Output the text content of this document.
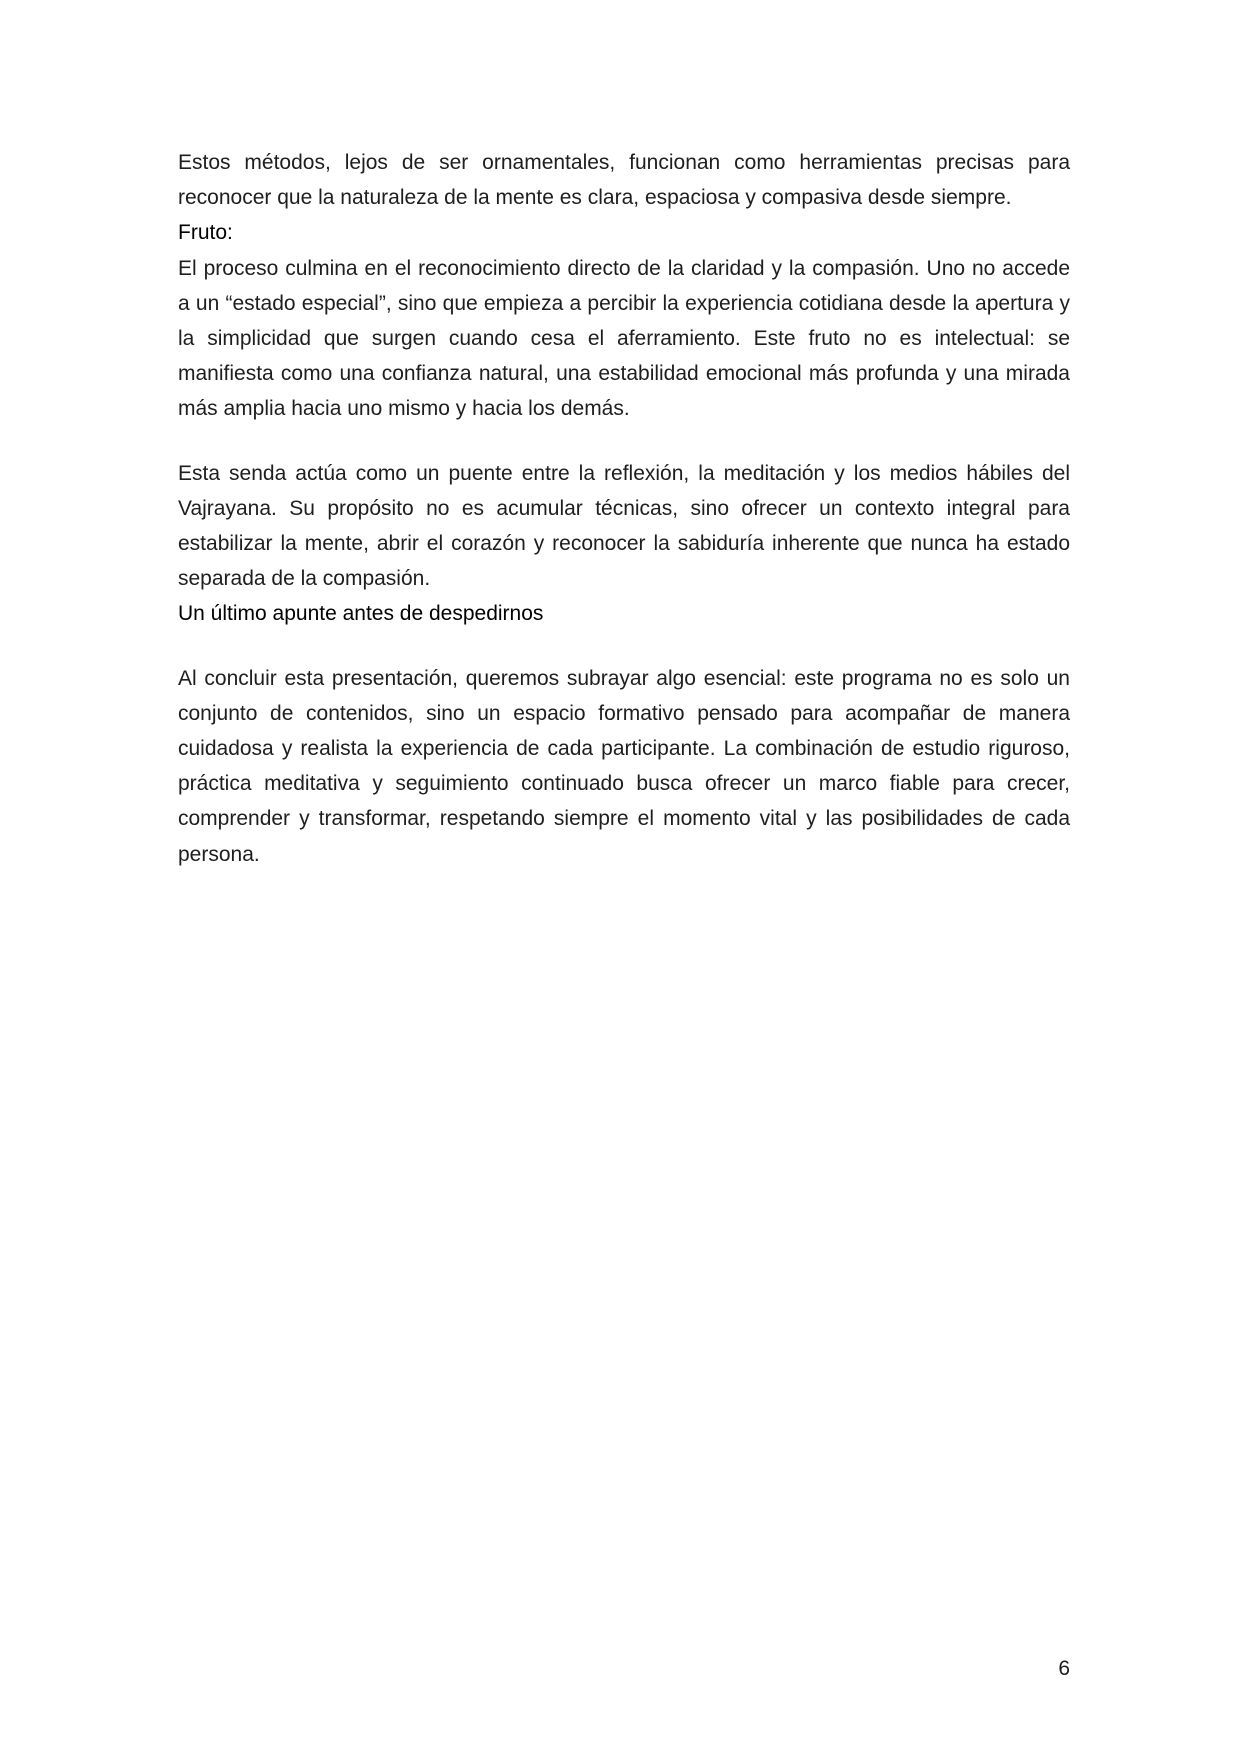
Estos métodos, lejos de ser ornamentales, funcionan como herramientas precisas para reconocer que la naturaleza de la mente es clara, espaciosa y compasiva desde siempre.

Fruto:

El proceso culmina en el reconocimiento directo de la claridad y la compasión. Uno no accede a un “estado especial”, sino que empieza a percibir la experiencia cotidiana desde la apertura y la simplicidad que surgen cuando cesa el aferramiento. Este fruto no es intelectual: se manifiesta como una confianza natural, una estabilidad emocional más profunda y una mirada más amplia hacia uno mismo y hacia los demás.

Esta senda actúa como un puente entre la reflexión, la meditación y los medios hábiles del Vajrayana. Su propósito no es acumular técnicas, sino ofrecer un contexto integral para estabilizar la mente, abrir el corazón y reconocer la sabiduría inherente que nunca ha estado separada de la compasión.

Un último apunte antes de despedirnos

Al concluir esta presentación, queremos subrayar algo esencial: este programa no es solo un conjunto de contenidos, sino un espacio formativo pensado para acompañar de manera cuidadosa y realista la experiencia de cada participante. La combinación de estudio riguroso, práctica meditativa y seguimiento continuado busca ofrecer un marco fiable para crecer, comprender y transformar, respetando siempre el momento vital y las posibilidades de cada persona.

6
